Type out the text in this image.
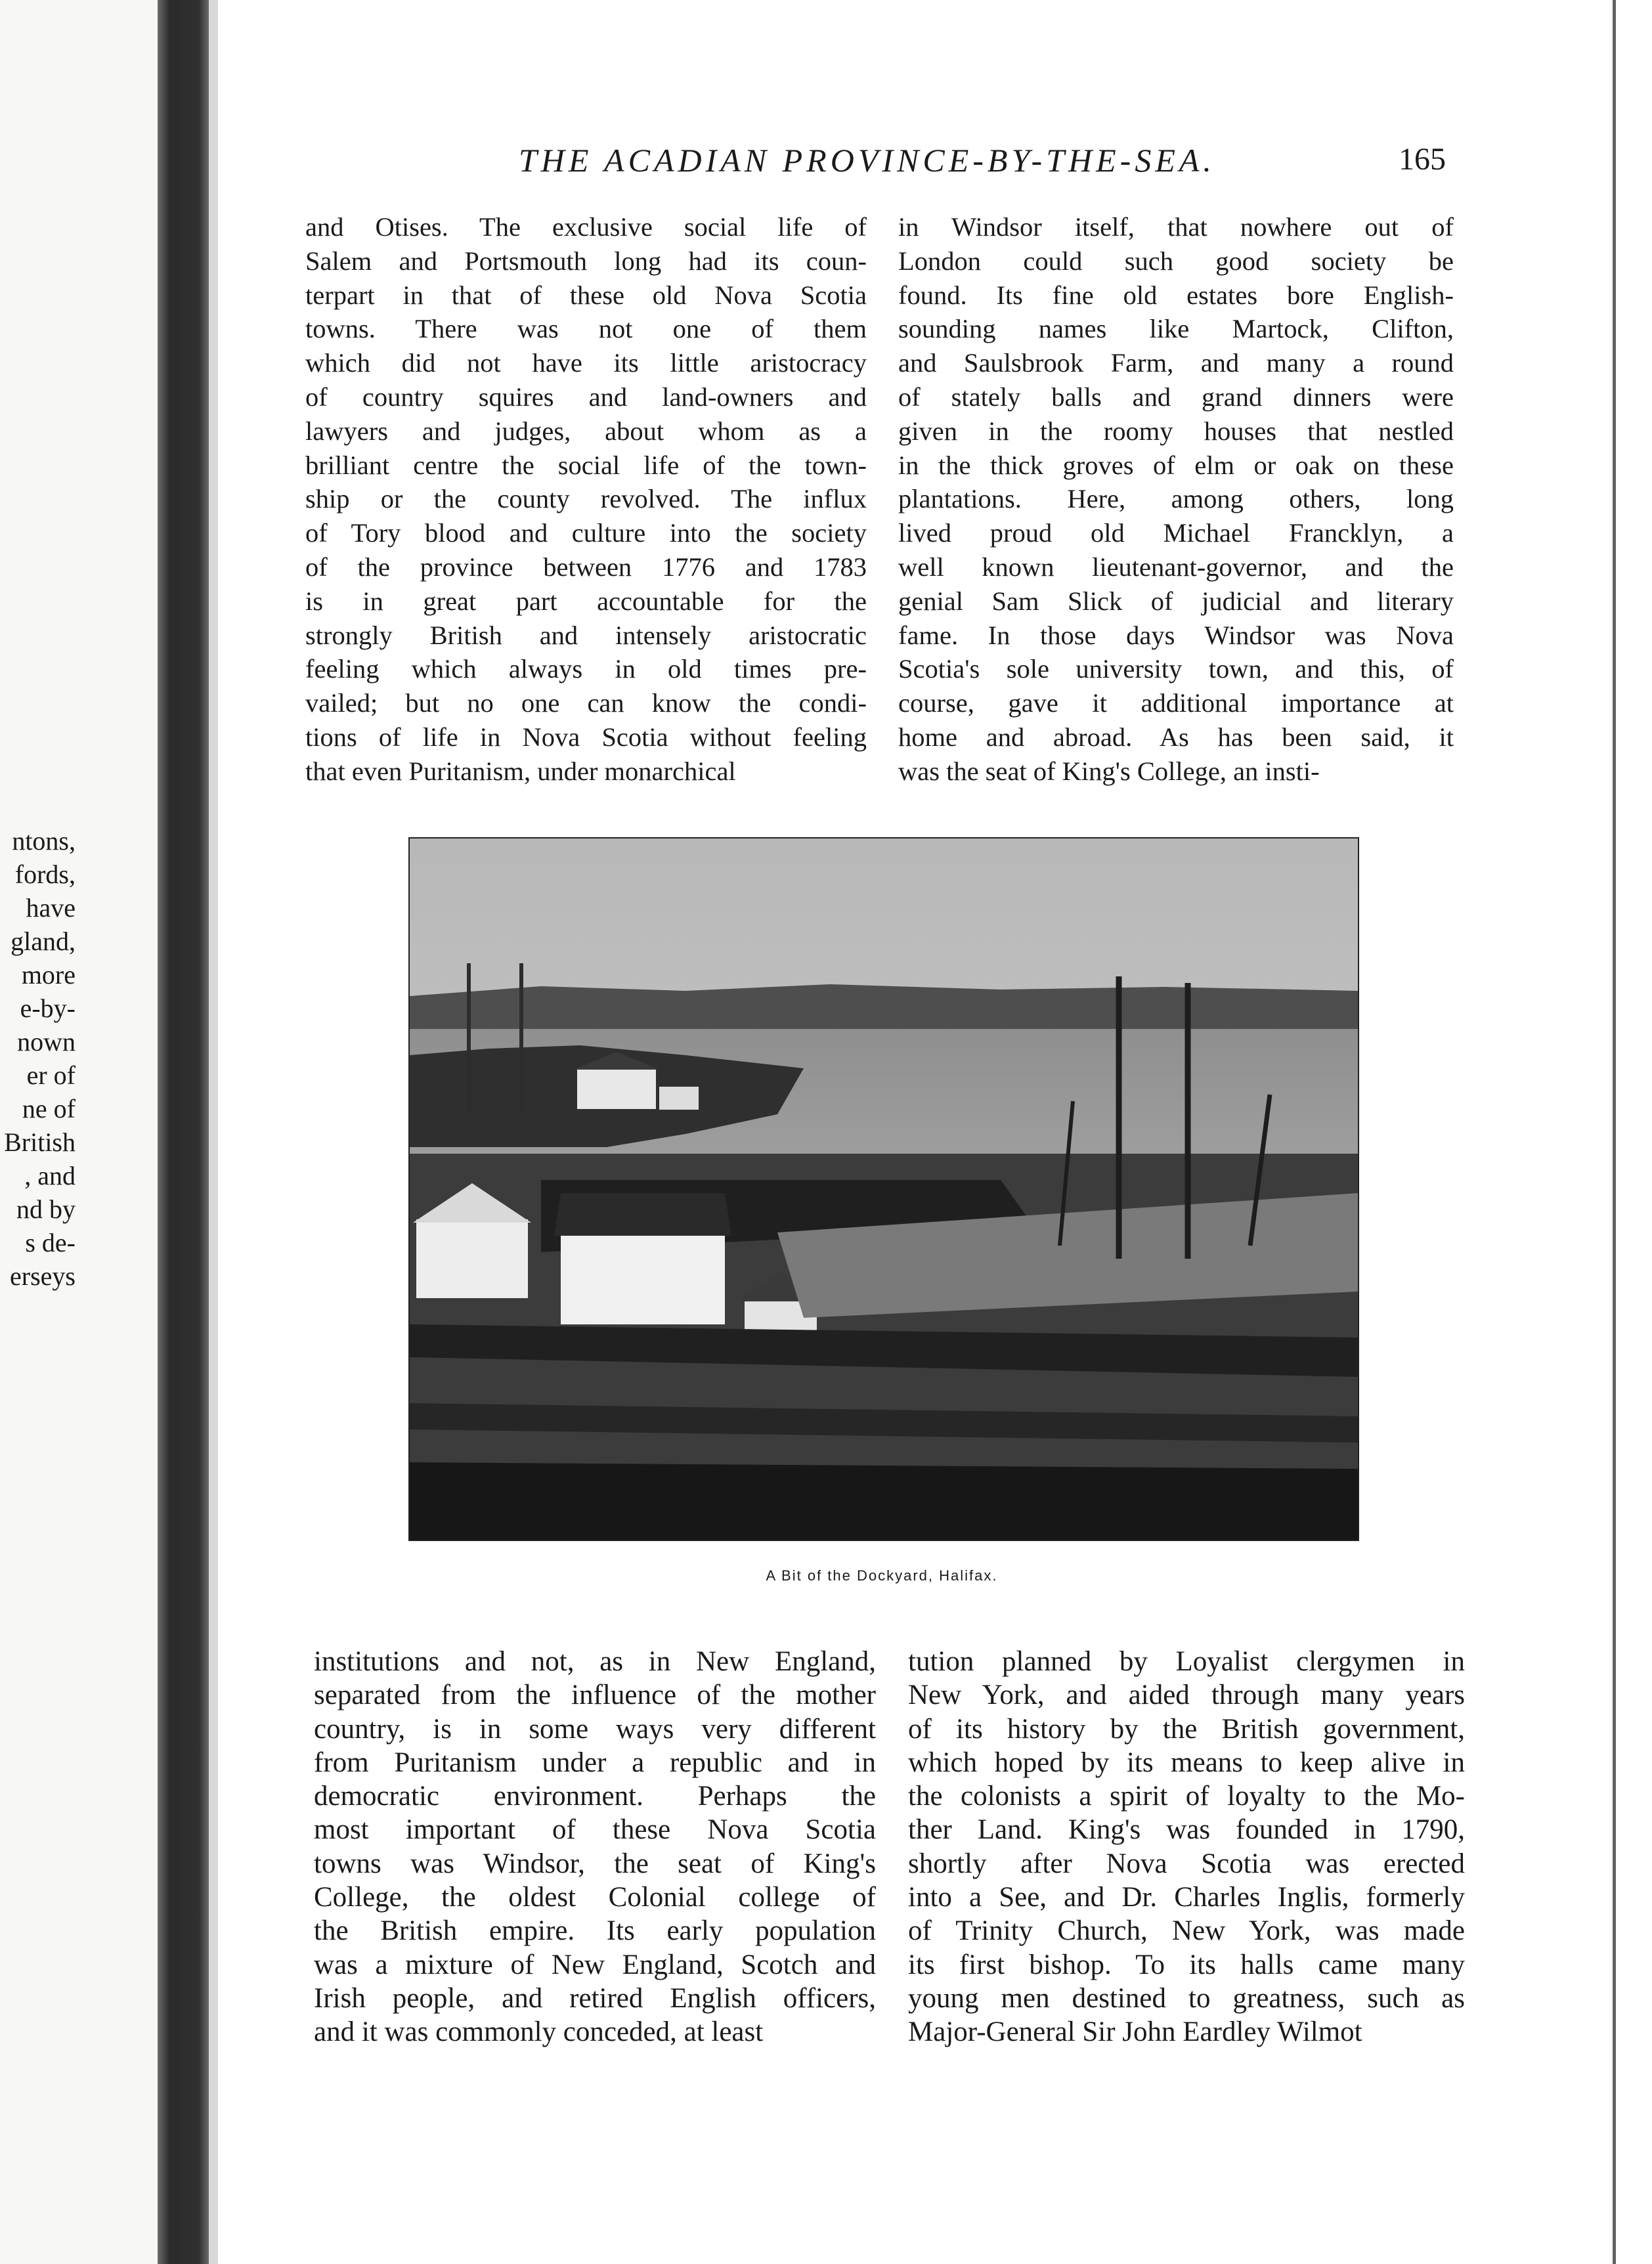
ntons,
fords,
have
gland,
more
e-by-
nown
er of
ne of
British
, and
nd by
s de-
erseys
THE ACADIAN PROVINCE-BY-THE-SEA.	165
and Otises. The exclusive social life of
Salem and Portsmouth long had its coun-
terpart in that of these old Nova Scotia
towns. There was not one of them
which did not have its little aristocracy
of country squires and land-owners and
lawyers and judges, about whom as a
brilliant centre the social life of the town-
ship or the county revolved. The influx
of Tory blood and culture into the society
of the province between 1776 and 1783
is in great part accountable for the
strongly British and intensely aristocratic
feeling which always in old times pre-
vailed; but no one can know the condi-
tions of life in Nova Scotia without feeling
that even Puritanism, under monarchical
in Windsor itself, that nowhere out of
London could such good society be
found. Its fine old estates bore English-
sounding names like Martock, Clifton,
and Saulsbrook Farm, and many a round
of stately balls and grand dinners were
given in the roomy houses that nestled
in the thick groves of elm or oak on these
plantations. Here, among others, long
lived proud old Michael Francklyn, a
well known lieutenant-governor, and the
genial Sam Slick of judicial and literary
fame. In those days Windsor was Nova
Scotia's sole university town, and this, of
course, gave it additional importance at
home and abroad. As has been said, it
was the seat of King's College, an insti-
A Bit of the Dockyard, Halifax.
institutions and not, as in New England,
separated from the influence of the mother
country, is in some ways very different
from Puritanism under a republic and in
democratic environment. Perhaps the
most important of these Nova Scotia
towns was Windsor, the seat of King's
College, the oldest Colonial college of
the British empire. Its early population
was a mixture of New England, Scotch and
Irish people, and retired English officers,
and it was commonly conceded, at least
tution planned by Loyalist clergymen in
New York, and aided through many years
of its history by the British government,
which hoped by its means to keep alive in
the colonists a spirit of loyalty to the Mo-
ther Land. King's was founded in 1790,
shortly after Nova Scotia was erected
into a See, and Dr. Charles Inglis, formerly
of Trinity Church, New York, was made
its first bishop. To its halls came many
young men destined to greatness, such as
Major-General Sir John Eardley Wilmot
